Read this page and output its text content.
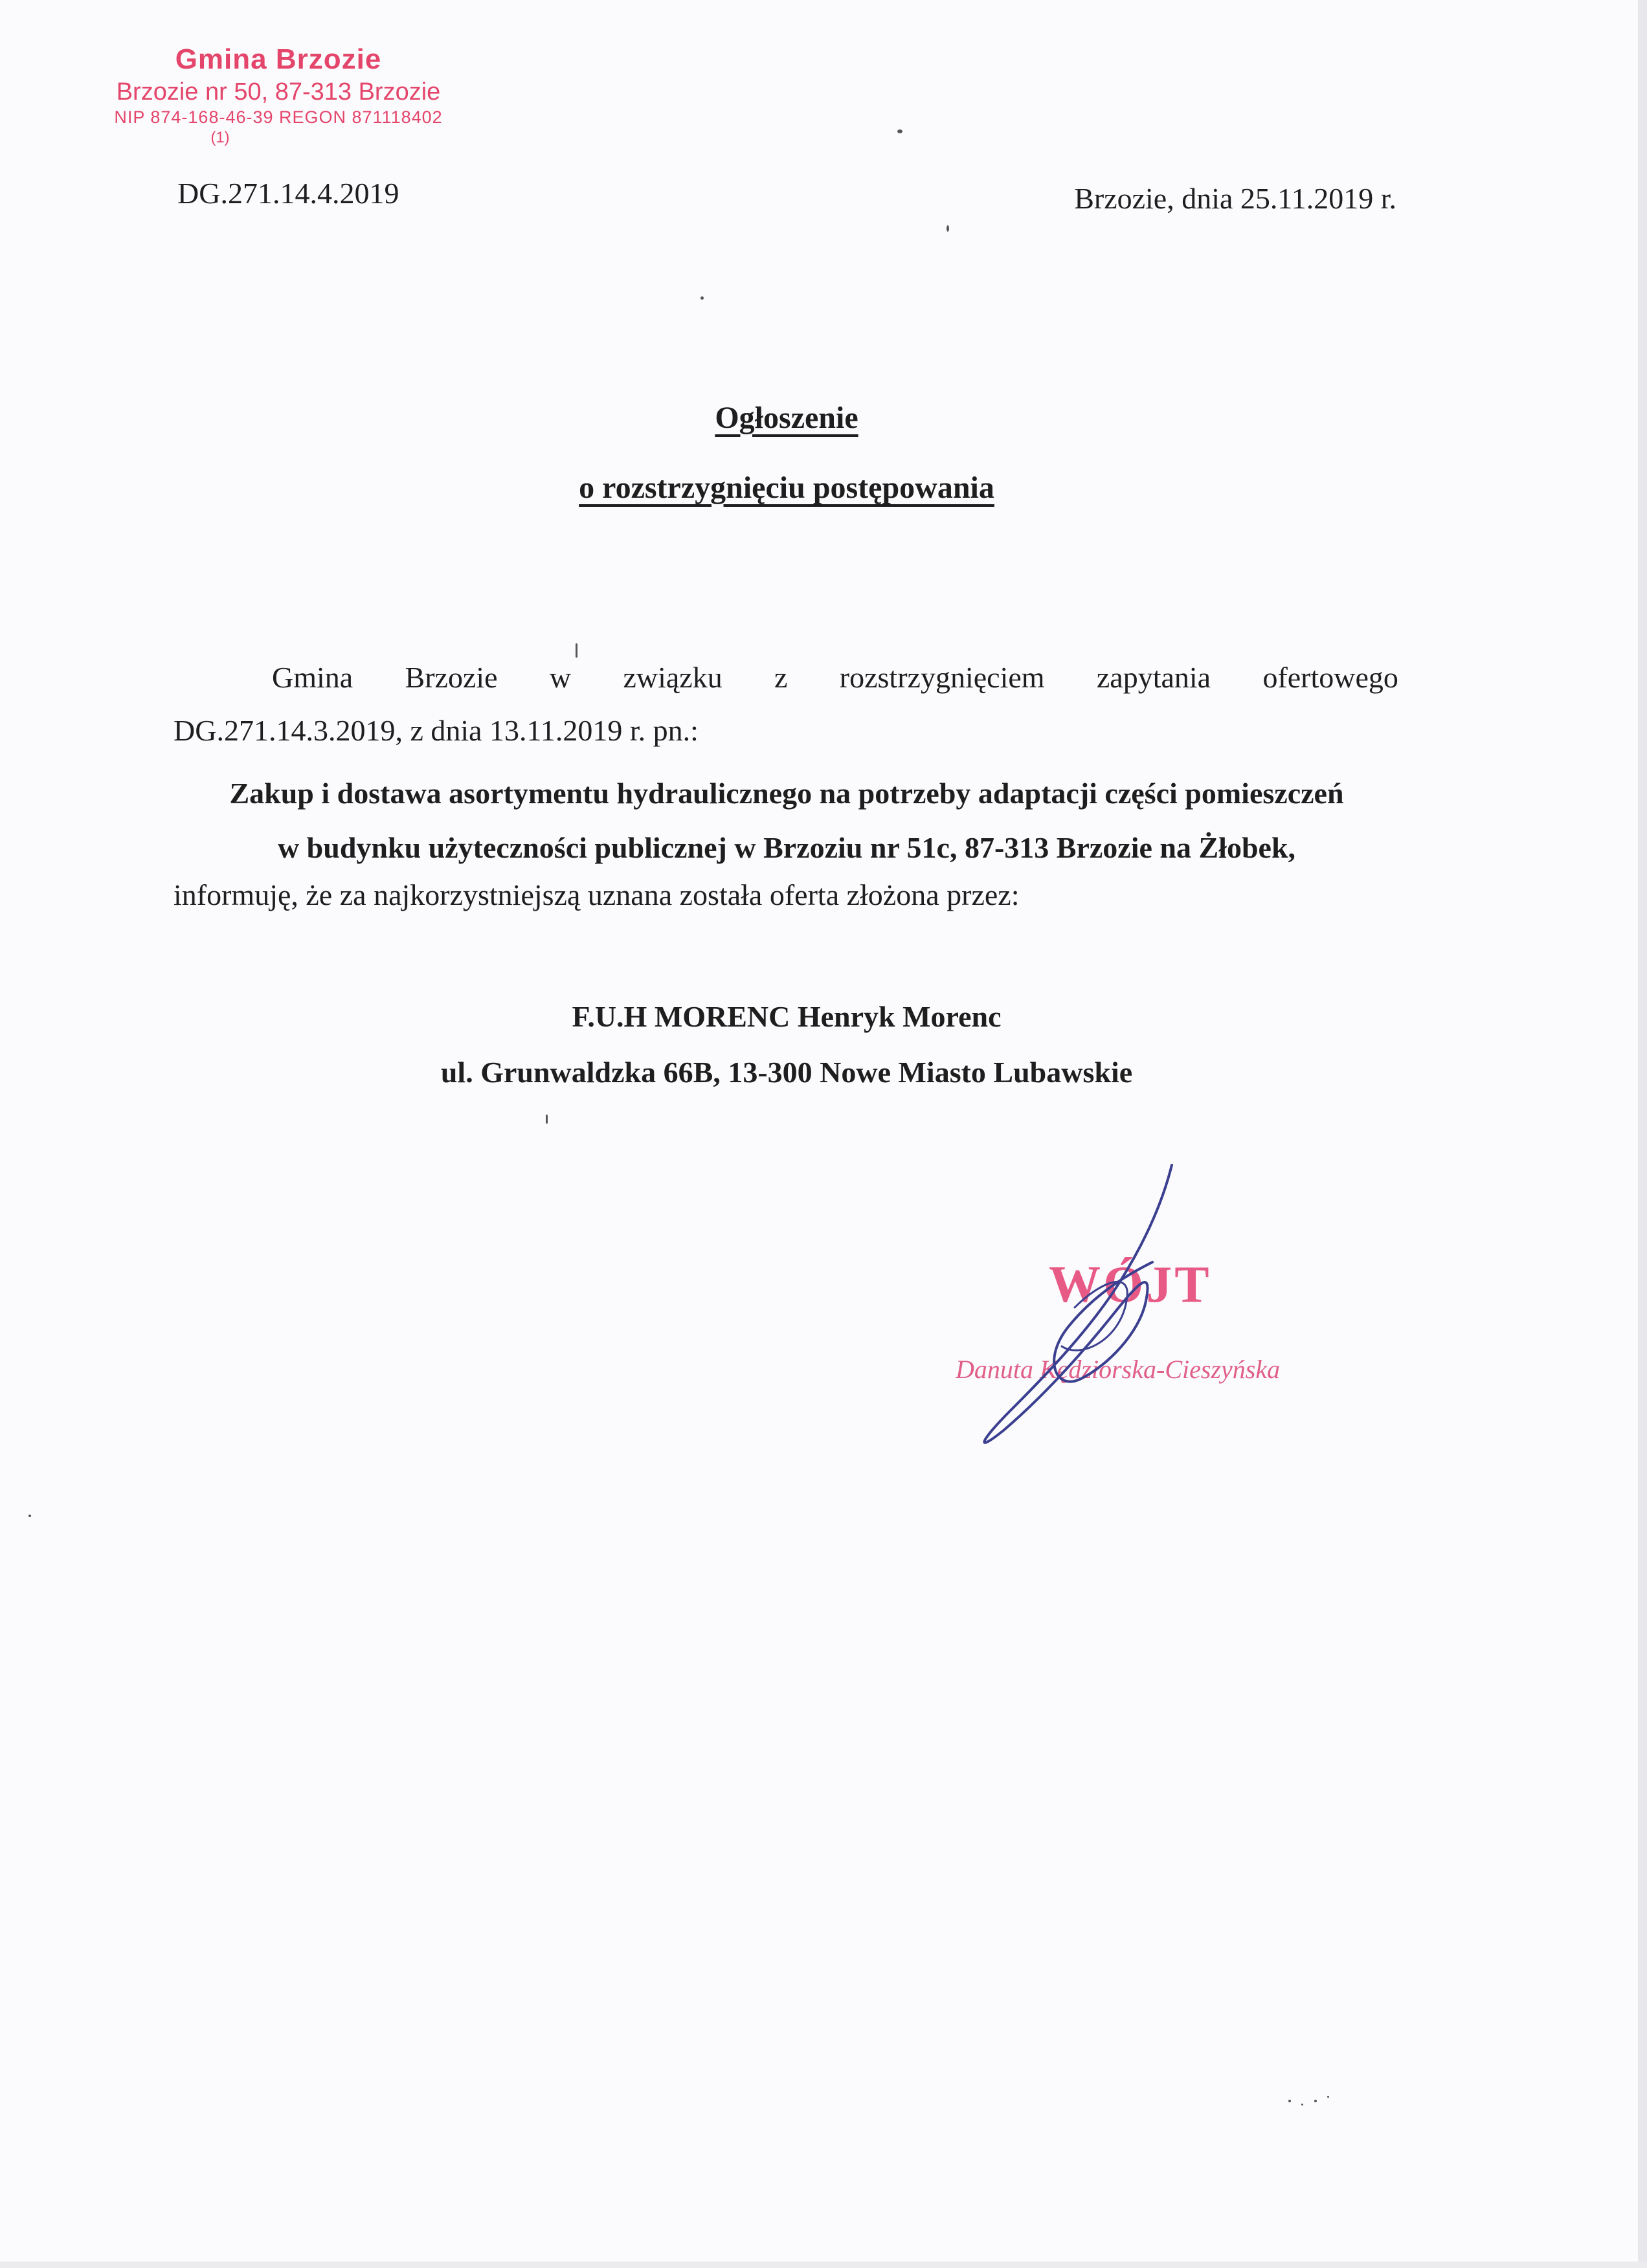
Gmina Brzozie
Brzozie nr 50, 87-313 Brzozie
NIP 874-168-46-39 REGON 871118402
(1)
DG.271.14.4.2019	Brzozie, dnia 25.11.2019 r.
Ogłoszenie
o rozstrzygnięciu postępowania
Gmina Brzozie w związku z rozstrzygnięciem zapytania ofertowego
DG.271.14.3.2019, z dnia 13.11.2019 r. pn.:
Zakup i dostawa asortymentu hydraulicznego na potrzeby adaptacji części pomieszczeń
w budynku użyteczności publicznej w Brzoziu nr 51c, 87-313 Brzozie na Żłobek,
informuję, że za najkorzystniejszą uznana została oferta złożona przez:
F.U.H MORENC Henryk Morenc
ul. Grunwaldzka 66B, 13-300 Nowe Miasto Lubawskie
WÓJT
Danuta Kędziorska-Cieszyńska
